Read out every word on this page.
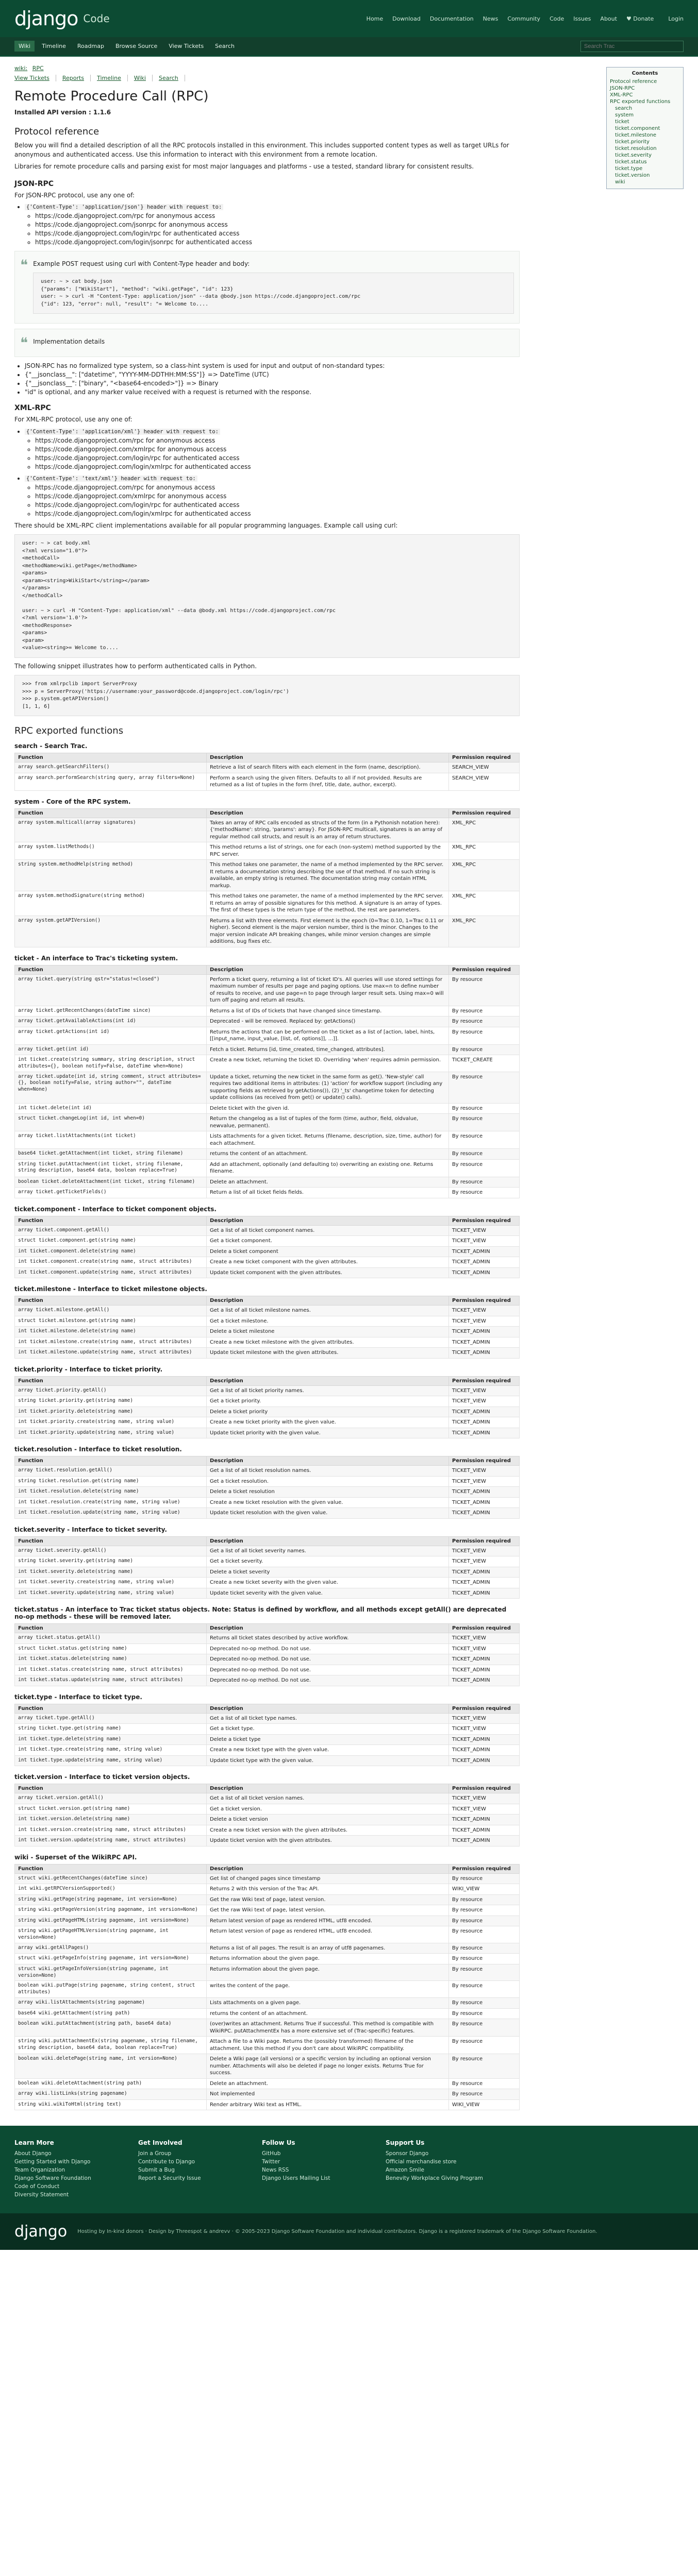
django Code	Home Download Documentation News Community Code Issues About ♥ Donate	Login
Wiki	Timeline	Roadmap	Browse Source	View Tickets	Search
Search Trac
Contents
Protocol reference
JSON-RPC
XML-RPC
RPC exported functions
search
system
ticket
ticket.component
ticket.milestone
ticket.priority
ticket.resolution
ticket.severity
ticket.status
ticket.type
ticket.version
wiki
wiki: RPC
View Tickets	Reports	Timeline	Wiki	Search
Remote Procedure Call (RPC)

Installed API version : 1.1.6

Protocol reference

Below you will find a detailed description of all the RPC protocols installed in this environment. This includes supported content types as well as target URLs for anonymous and authenticated access. Use this information to interact with this environment from a remote location.

Libraries for remote procedure calls and parsing exist for most major languages and platforms - use a tested, standard library for consistent results.

JSON-RPC

For JSON-RPC protocol, use any one of:

• {'Content-Type': 'application/json'} header with request to:
◦ https://code.djangoproject.com/rpc for anonymous access
◦ https://code.djangoproject.com/jsonrpc for anonymous access
◦ https://code.djangoproject.com/login/rpc for authenticated access
◦ https://code.djangoproject.com/login/jsonrpc for authenticated access
❝ Example POST request using curl with Content-Type header and body:

user: ~ > cat body.json
{"params": ["WikiStart"], "method": "wiki.getPage", "id": 123}
user: ~ > curl -H "Content-Type: application/json" --data @body.json https://code.djangoproject.com/rpc
{"id": 123, "error": null, "result": "= Welcome to....
❝ Implementation details

• JSON-RPC has no formalized type system, so a class-hint system is used for input and output of non-standard types:
• {"__jsonclass__": ["datetime", "YYYY-MM-DDTHH:MM:SS"]} => DateTime (UTC)
• {"__jsonclass__": ["binary", "<base64-encoded>"]} => Binary
• "id" is optional, and any marker value received with a request is returned with the response.
XML-RPC

For XML-RPC protocol, use any one of:

• {'Content-Type': 'application/xml'} header with request to:
◦ https://code.djangoproject.com/rpc for anonymous access
◦ https://code.djangoproject.com/xmlrpc for anonymous access
◦ https://code.djangoproject.com/login/rpc for authenticated access
◦ https://code.djangoproject.com/login/xmlrpc for authenticated access
• {'Content-Type': 'text/xml'} header with request to:
◦ https://code.djangoproject.com/rpc for anonymous access
◦ https://code.djangoproject.com/xmlrpc for anonymous access
◦ https://code.djangoproject.com/login/rpc for authenticated access
◦ https://code.djangoproject.com/login/xmlrpc for authenticated access

There should be XML-RPC client implementations available for all popular programming languages. Example call using curl:

user: ~ > cat body.xml
<?xml version="1.0"?>
<methodCall>
<methodName>wiki.getPage</methodName>
<params>
<param><string>WikiStart</string></param>
</params>
</methodCall>

user: ~ > curl -H "Content-Type: application/xml" --data @body.xml https://code.djangoproject.com/rpc
<?xml version='1.0'?>
<methodResponse>
<params>
<param>
<value><string>= Welcome to....

The following snippet illustrates how to perform authenticated calls in Python.

>>> from xmlrpclib import ServerProxy
>>> p = ServerProxy('https://username:your_password@code.djangoproject.com/login/rpc')
>>> p.system.getAPIVersion()
[1, 1, 6]
RPC exported functions
search - Search Trac.
Function	Description	Permission required
array search.getSearchFilters()	Retrieve a list of search filters with each element in the form (name, description).	SEARCH_VIEW
array search.performSearch(string query, array filters=None)	Perform a search using the given filters. Defaults to all if not provided. Results are returned as a list of tuples in the form (href, title, date, author, excerpt).	SEARCH_VIEW
system - Core of the RPC system.
Function	Description	Permission required
array system.multicall(array signatures)	Takes an array of RPC calls encoded as structs of the form (in a Pythonish notation here): {'methodName': string, 'params': array}. For JSON-RPC multicall, signatures is an array of regular method call structs, and result is an array of return structures.	XML_RPC
array system.listMethods()	This method returns a list of strings, one for each (non-system) method supported by the RPC server.	XML_RPC
string system.methodHelp(string method)	This method takes one parameter, the name of a method implemented by the RPC server. It returns a documentation string describing the use of that method. If no such string is available, an empty string is returned. The documentation string may contain HTML markup.	XML_RPC
array system.methodSignature(string method)	This method takes one parameter, the name of a method implemented by the RPC server. It returns an array of possible signatures for this method. A signature is an array of types. The first of these types is the return type of the method, the rest are parameters.	XML_RPC
array system.getAPIVersion()	Returns a list with three elements. First element is the epoch (0=Trac 0.10, 1=Trac 0.11 or higher). Second element is the major version number, third is the minor. Changes to the major version indicate API breaking changes, while minor version changes are simple additions, bug fixes etc.	XML_RPC
ticket - An interface to Trac's ticketing system.
Function	Description	Permission required
array ticket.query(string qstr="status!=closed")	Perform a ticket query, returning a list of ticket ID's. All queries will use stored settings for maximum number of results per page and paging options. Use max=n to define number of results to receive, and use page=n to page through larger result sets. Using max=0 will turn off paging and return all results.	By resource
array ticket.getRecentChanges(dateTime since)	Returns a list of IDs of tickets that have changed since timestamp.	By resource
array ticket.getAvailableActions(int id)	Deprecated - will be removed. Replaced by: getActions()	By resource
array ticket.getActions(int id)	Returns the actions that can be performed on the ticket as a list of [action, label, hints, [[input_name, input_value, [list, of, options]], ...]].	By resource
array ticket.get(int id)	Fetch a ticket. Returns [id, time_created, time_changed, attributes].	By resource
int ticket.create(string summary, string description, struct attributes={}, boolean notify=False, dateTime when=None)	Create a new ticket, returning the ticket ID. Overriding 'when' requires admin permission.	TICKET_CREATE
array ticket.update(int id, string comment, struct attributes={}, boolean notify=False, string author="", dateTime when=None)	Update a ticket, returning the new ticket in the same form as get(). 'New-style' call requires two additional items in attributes: (1) 'action' for workflow support (including any supporting fields as retrieved by getActions()), (2) '_ts' changetime token for detecting update collisions (as received from get() or update() calls).	By resource
int ticket.delete(int id)	Delete ticket with the given id.	By resource
struct ticket.changeLog(int id, int when=0)	Return the changelog as a list of tuples of the form (time, author, field, oldvalue, newvalue, permanent).	By resource
array ticket.listAttachments(int ticket)	Lists attachments for a given ticket. Returns (filename, description, size, time, author) for each attachment.	By resource
base64 ticket.getAttachment(int ticket, string filename)	returns the content of an attachment.	By resource
string ticket.putAttachment(int ticket, string filename, string description, base64 data, boolean replace=True)	Add an attachment, optionally (and defaulting to) overwriting an existing one. Returns filename.	By resource
boolean ticket.deleteAttachment(int ticket, string filename)	Delete an attachment.	By resource
array ticket.getTicketFields()	Return a list of all ticket fields fields.	By resource
ticket.component - Interface to ticket component objects.
Function	Description	Permission required
array ticket.component.getAll()	Get a list of all ticket component names.	TICKET_VIEW
struct ticket.component.get(string name)	Get a ticket component.	TICKET_VIEW
int ticket.component.delete(string name)	Delete a ticket component	TICKET_ADMIN
int ticket.component.create(string name, struct attributes)	Create a new ticket component with the given attributes.	TICKET_ADMIN
int ticket.component.update(string name, struct attributes)	Update ticket component with the given attributes.	TICKET_ADMIN
ticket.milestone - Interface to ticket milestone objects.
Function	Description	Permission required
array ticket.milestone.getAll()	Get a list of all ticket milestone names.	TICKET_VIEW
struct ticket.milestone.get(string name)	Get a ticket milestone.	TICKET_VIEW
int ticket.milestone.delete(string name)	Delete a ticket milestone	TICKET_ADMIN
int ticket.milestone.create(string name, struct attributes)	Create a new ticket milestone with the given attributes.	TICKET_ADMIN
int ticket.milestone.update(string name, struct attributes)	Update ticket milestone with the given attributes.	TICKET_ADMIN
ticket.priority - Interface to ticket priority.
Function	Description	Permission required
array ticket.priority.getAll()	Get a list of all ticket priority names.	TICKET_VIEW
string ticket.priority.get(string name)	Get a ticket priority.	TICKET_VIEW
int ticket.priority.delete(string name)	Delete a ticket priority	TICKET_ADMIN
int ticket.priority.create(string name, string value)	Create a new ticket priority with the given value.	TICKET_ADMIN
int ticket.priority.update(string name, string value)	Update ticket priority with the given value.	TICKET_ADMIN
ticket.resolution - Interface to ticket resolution.
Function	Description	Permission required
array ticket.resolution.getAll()	Get a list of all ticket resolution names.	TICKET_VIEW
string ticket.resolution.get(string name)	Get a ticket resolution.	TICKET_VIEW
int ticket.resolution.delete(string name)	Delete a ticket resolution	TICKET_ADMIN
int ticket.resolution.create(string name, string value)	Create a new ticket resolution with the given value.	TICKET_ADMIN
int ticket.resolution.update(string name, string value)	Update ticket resolution with the given value.	TICKET_ADMIN
ticket.severity - Interface to ticket severity.
Function	Description	Permission required
array ticket.severity.getAll()	Get a list of all ticket severity names.	TICKET_VIEW
string ticket.severity.get(string name)	Get a ticket severity.	TICKET_VIEW
int ticket.severity.delete(string name)	Delete a ticket severity	TICKET_ADMIN
int ticket.severity.create(string name, string value)	Create a new ticket severity with the given value.	TICKET_ADMIN
int ticket.severity.update(string name, string value)	Update ticket severity with the given value.	TICKET_ADMIN
ticket.status - An interface to Trac ticket status objects. Note: Status is defined by workflow, and all methods except getAll() are deprecated no-op methods - these will be removed later.
Function	Description	Permission required
array ticket.status.getAll()	Returns all ticket states described by active workflow.	TICKET_VIEW
struct ticket.status.get(string name)	Deprecated no-op method. Do not use.	TICKET_VIEW
int ticket.status.delete(string name)	Deprecated no-op method. Do not use.	TICKET_ADMIN
int ticket.status.create(string name, struct attributes)	Deprecated no-op method. Do not use.	TICKET_ADMIN
int ticket.status.update(string name, struct attributes)	Deprecated no-op method. Do not use.	TICKET_ADMIN
ticket.type - Interface to ticket type.
Function	Description	Permission required
array ticket.type.getAll()	Get a list of all ticket type names.	TICKET_VIEW
string ticket.type.get(string name)	Get a ticket type.	TICKET_VIEW
int ticket.type.delete(string name)	Delete a ticket type	TICKET_ADMIN
int ticket.type.create(string name, string value)	Create a new ticket type with the given value.	TICKET_ADMIN
int ticket.type.update(string name, string value)	Update ticket type with the given value.	TICKET_ADMIN
ticket.version - Interface to ticket version objects.
Function	Description	Permission required
array ticket.version.getAll()	Get a list of all ticket version names.	TICKET_VIEW
struct ticket.version.get(string name)	Get a ticket version.	TICKET_VIEW
int ticket.version.delete(string name)	Delete a ticket version	TICKET_ADMIN
int ticket.version.create(string name, struct attributes)	Create a new ticket version with the given attributes.	TICKET_ADMIN
int ticket.version.update(string name, struct attributes)	Update ticket version with the given attributes.	TICKET_ADMIN
wiki - Superset of the WikiRPC API.
Function	Description	Permission required
struct wiki.getRecentChanges(dateTime since)	Get list of changed pages since timestamp	By resource
int wiki.getRPCVersionSupported()	Returns 2 with this version of the Trac API.	WIKI_VIEW
string wiki.getPage(string pagename, int version=None)	Get the raw Wiki text of page, latest version.	By resource
string wiki.getPageVersion(string pagename, int version=None)	Get the raw Wiki text of page, latest version.	By resource
string wiki.getPageHTML(string pagename, int version=None)	Return latest version of page as rendered HTML, utf8 encoded.	By resource
string wiki.getPageHTMLVersion(string pagename, int version=None)	Return latest version of page as rendered HTML, utf8 encoded.	By resource
array wiki.getAllPages()	Returns a list of all pages. The result is an array of utf8 pagenames.	By resource
struct wiki.getPageInfo(string pagename, int version=None)	Returns information about the given page.	By resource
struct wiki.getPageInfoVersion(string pagename, int version=None)	Returns information about the given page.	By resource
boolean wiki.putPage(string pagename, string content, struct attributes)	writes the content of the page.	By resource
array wiki.listAttachments(string pagename)	Lists attachments on a given page.	By resource
base64 wiki.getAttachment(string path)	returns the content of an attachment.	By resource
boolean wiki.putAttachment(string path, base64 data)	(over)writes an attachment. Returns True if successful. This method is compatible with WikiRPC. putAttachmentEx has a more extensive set of (Trac-specific) features.	By resource
string wiki.putAttachmentEx(string pagename, string filename, string description, base64 data, boolean replace=True)	Attach a file to a Wiki page. Returns the (possibly transformed) filename of the attachment. Use this method if you don't care about WikiRPC compatibility.	By resource
boolean wiki.deletePage(string name, int version=None)	Delete a Wiki page (all versions) or a specific version by including an optional version number. Attachments will also be deleted if page no longer exists. Returns True for success.	By resource
boolean wiki.deleteAttachment(string path)	Delete an attachment.	By resource
array wiki.listLinks(string pagename)	Not implemented	By resource
string wiki.wikiToHtml(string text)	Render arbitrary Wiki text as HTML.	WIKI_VIEW
Learn More
About Django
Getting Started with Django
Team Organization
Django Software Foundation
Code of Conduct
Diversity Statement
Get Involved
Join a Group
Contribute to Django
Submit a Bug
Report a Security Issue
Follow Us
GitHub
Twitter
News RSS
Django Users Mailing List
Support Us
Sponsor Django
Official merchandise store
Amazon Smile
Benevity Workplace Giving Program
django Hosting by In-kind donors · Design by Threespot & andrevv · © 2005-2023 Django Software Foundation and individual contributors. Django is a registered trademark of the Django Software Foundation.
